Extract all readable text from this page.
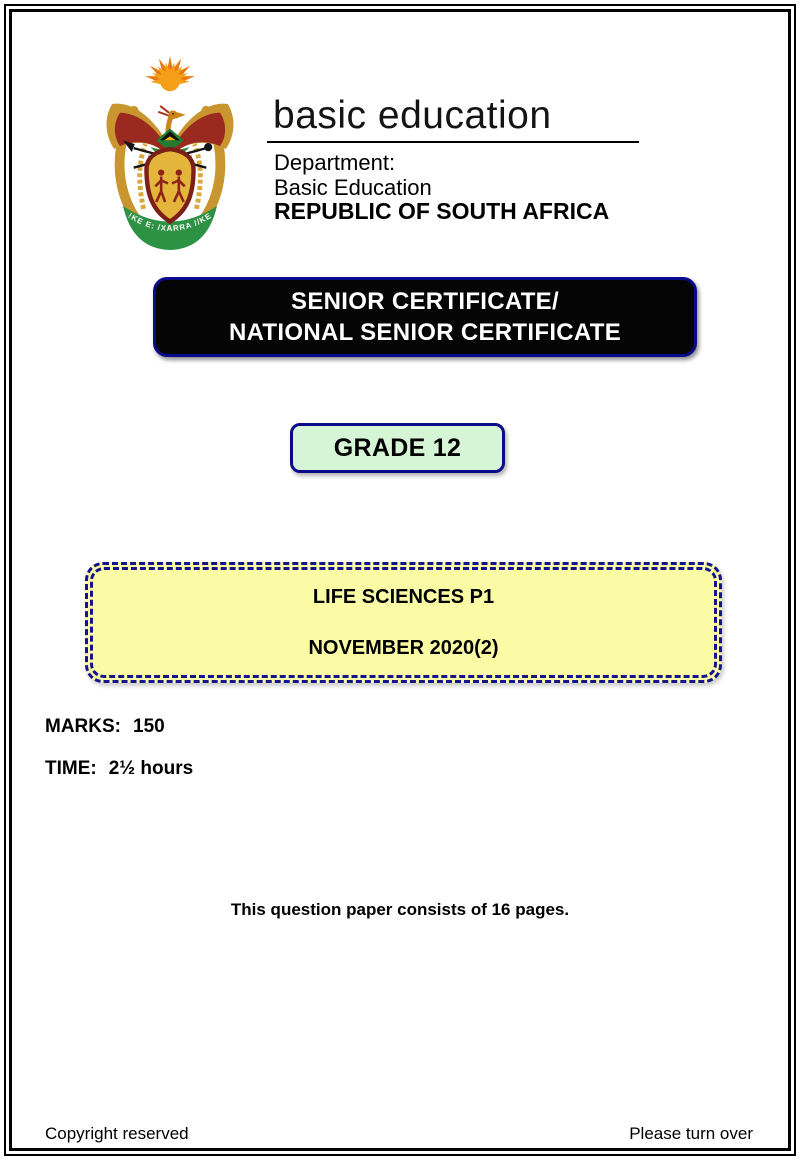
!KE E: /XARRA //KE
basic education
Department:
Basic Education
REPUBLIC OF SOUTH AFRICA
SENIOR CERTIFICATE/
NATIONAL SENIOR CERTIFICATE
GRADE 12
LIFE SCIENCES P1
NOVEMBER 2020(2)
MARKS: 150
TIME: 2½ hours
This question paper consists of 16 pages.
Copyright reserved	Please turn over
